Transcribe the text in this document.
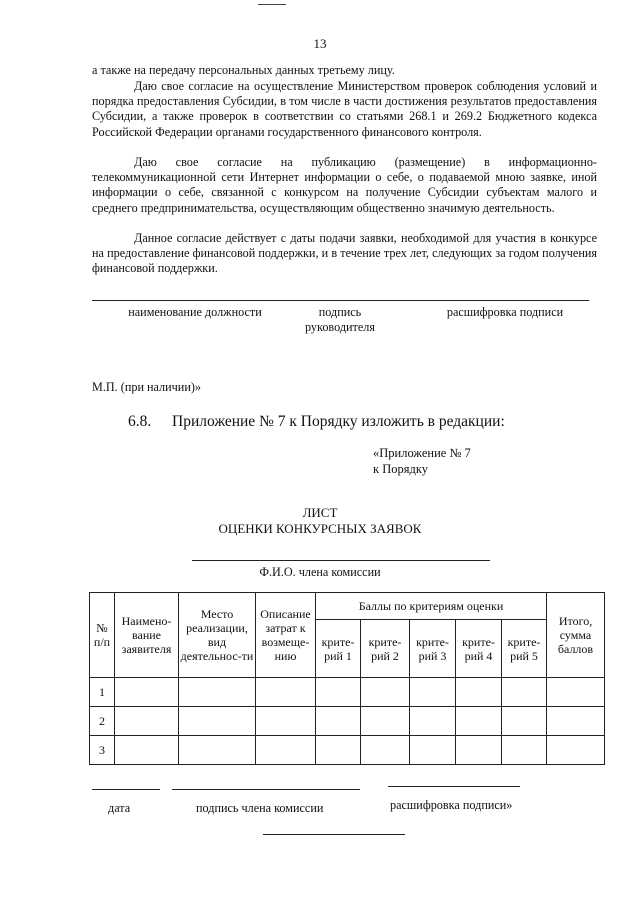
13
а также на передачу персональных данных третьему лицу.
Даю свое согласие на осуществление Министерством проверок соблюдения условий и порядка предоставления Субсидии, в том числе в части достижения результатов предоставления Субсидии, а также проверок в соответствии со статьями 268.1 и 269.2 Бюджетного кодекса Российской Федерации органами государственного финансового контроля.
Даю свое согласие на публикацию (размещение) в информационно-телекоммуникационной сети Интернет информации о себе, о подаваемой мною заявке, иной информации о себе, связанной с конкурсом на получение Субсидии субъектам малого и среднего предпринимательства, осуществляющим общественно значимую деятельность.
Данное согласие действует с даты подачи заявки, необходимой для участия в конкурсе на предоставление финансовой поддержки, и в течение трех лет, следующих за годом получения финансовой поддержки.
наименование должности	подпись руководителя
расшифровка подписи
М.П. (при наличии)»
6.8. Приложение № 7 к Порядку изложить в редакции:
«Приложение № 7
к Порядку
ЛИСТ
ОЦЕНКИ КОНКУРСНЫХ ЗАЯВОК
Ф.И.О. члена комиссии
№ п/п	Наимено-вание заявителя	Место реализации, вид деятельнос-ти	Описание затрат к возмеще-нию	Баллы по критериям оценки					Итого, сумма баллов
				крите-рий 1	крите-рий 2	крите-рий 3	крите-рий 4	крите-рий 5	
1									
2									
3									
дата	подпись члена комиссии	расшифровка подписи»
